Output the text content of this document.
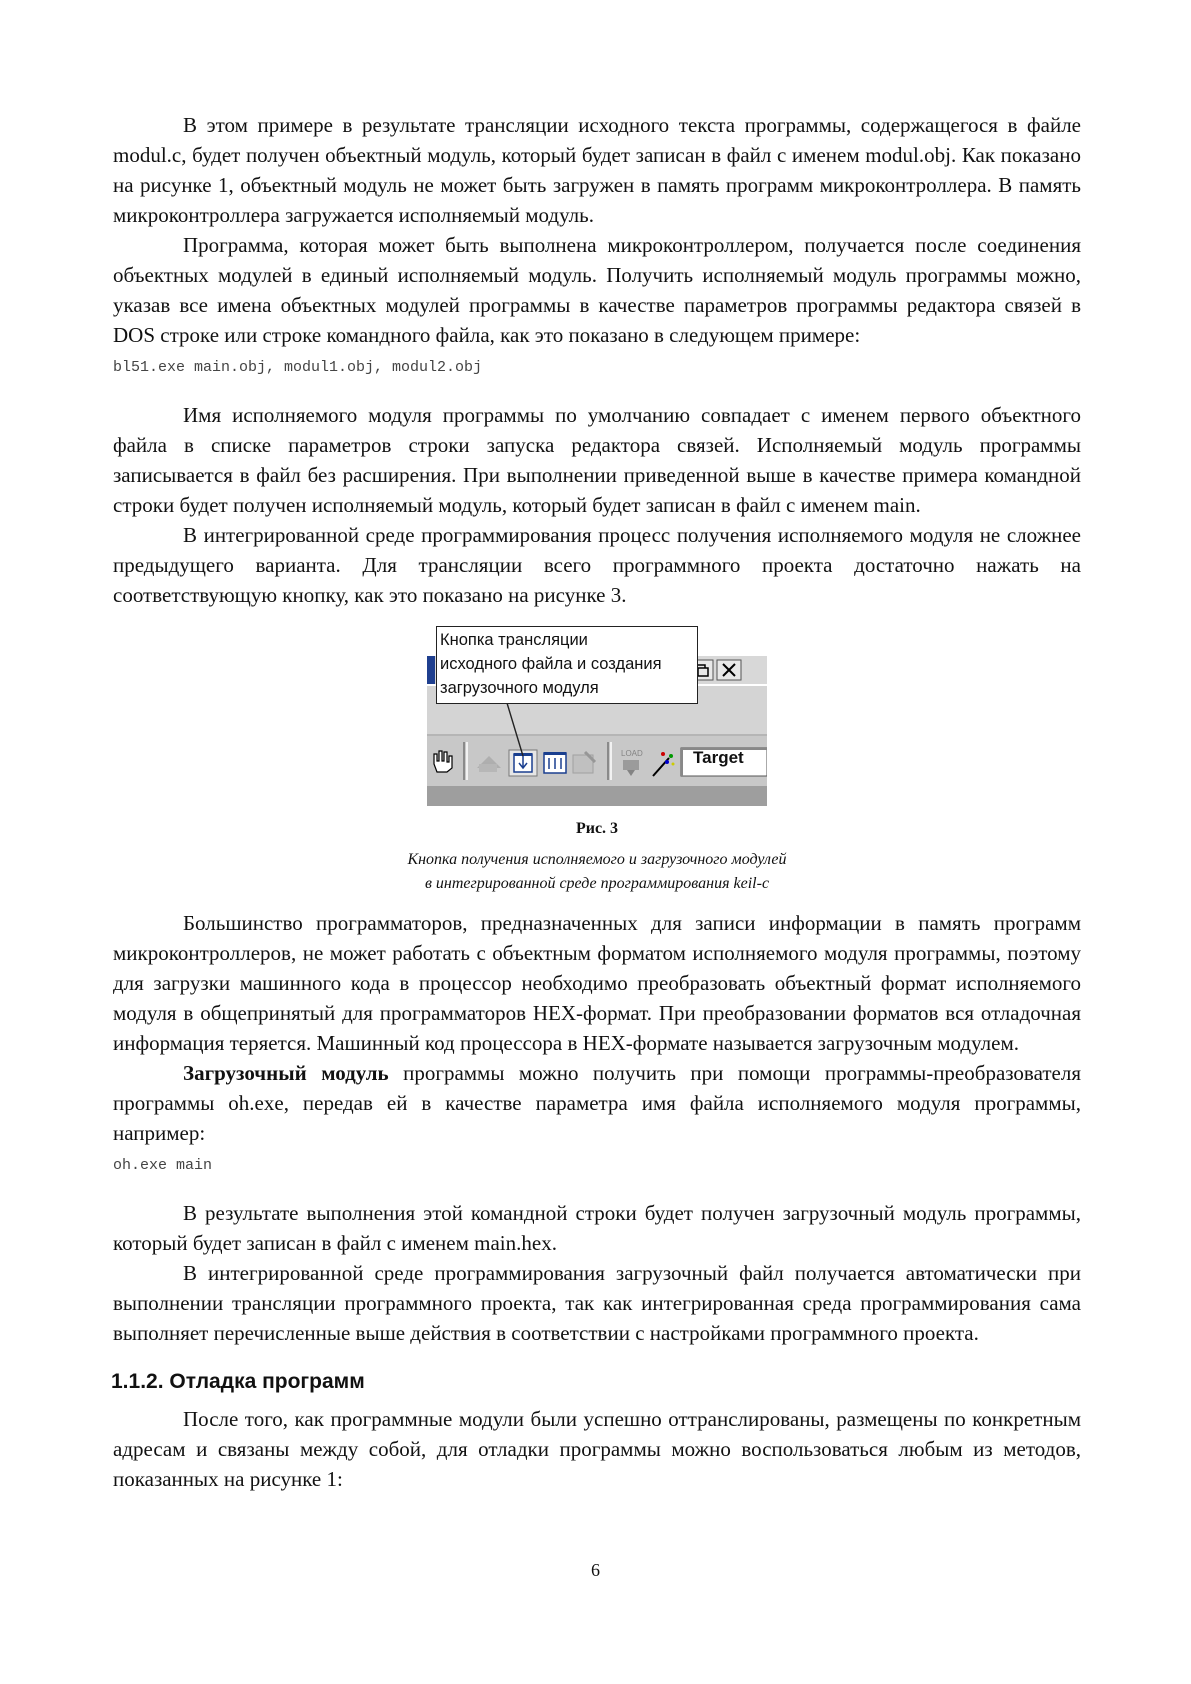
В этом примере в результате трансляции исходного текста программы, содержащегося в файле modul.c, будет получен объектный модуль, который будет записан в файл с именем modul.obj. Как показано на рисунке 1, объектный модуль не может быть загружен в память программ микроконтроллера. В память микроконтроллера загружается исполняемый модуль.

Программа, которая может быть выполнена микроконтроллером, получается после соединения объектных модулей в единый исполняемый модуль. Получить исполняемый модуль программы можно, указав все имена объектных модулей программы в качестве параметров программы редактора связей в DOS строке или строке командного файла, как это показано в следующем примере:

bl51.exe main.obj, modul1.obj, modul2.obj

Имя исполняемого модуля программы по умолчанию совпадает с именем первого объектного файла в списке параметров строки запуска редактора связей. Исполняемый модуль программы записывается в файл без расширения. При выполнении приведенной выше в качестве примера командной строки будет получен исполняемый модуль, который будет записан в файл с именем main.

В интегрированной среде программирования процесс получения исполняемого модуля не сложнее предыдущего варианта. Для трансляции всего программного проекта достаточно нажать на соответствующую кнопку, как это показано на рисунке 3.

LOAD
Кнопка трансляции
исходного файла и создания
загрузочного модуля
Target
Рис. 3
Кнопка получения исполняемого и загрузочного модулей
в интегрированной среде программирования keil-c

Большинство программаторов, предназначенных для записи информации в память программ микроконтроллеров, не может работать с объектным форматом исполняемого модуля программы, поэтому для загрузки машинного кода в процессор необходимо преобразовать объектный формат исполняемого модуля в общепринятый для программаторов HEX-формат. При преобразовании форматов вся отладочная информация теряется. Машинный код процессора в HEX-формате называется загрузочным модулем.

Загрузочный модуль программы можно получить при помощи программы-преобразователя программы oh.exe, передав ей в качестве параметра имя файла исполняемого модуля программы, например:

oh.exe main

В результате выполнения этой командной строки будет получен загрузочный модуль программы, который будет записан в файл с именем main.hex.

В интегрированной среде программирования загрузочный файл получается автоматически при выполнении трансляции программного проекта, так как интегрированная среда программирования сама выполняет перечисленные выше действия в соответствии с настройками программного проекта.

1.1.2. Отладка программ

После того, как программные модули были успешно оттранслированы, размещены по конкретным адресам и связаны между собой, для отладки программы можно воспользоваться любым из методов, показанных на рисунке 1:

6
